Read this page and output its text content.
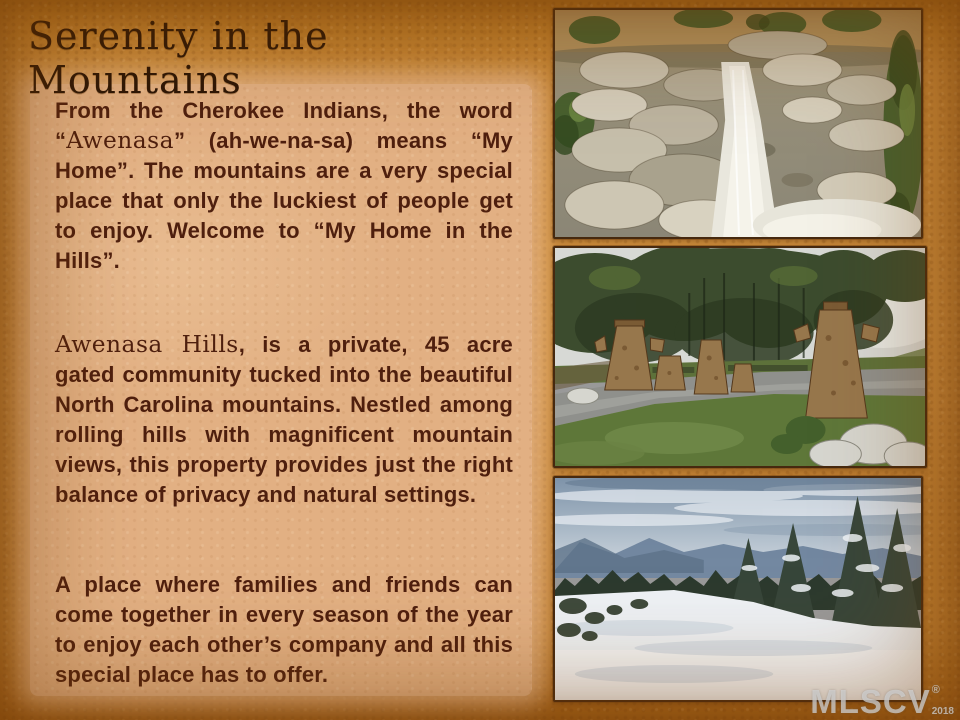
Serenity in the Mountains

From the Cherokee Indians, the word “Awenasa” (ah-we-na-sa) means “My Home”. The mountains are a very special place that only the luckiest of people get to enjoy. Welcome to “My Home in the Hills”.

Awenasa Hills, is a private, 45 acre gated community tucked into the beautiful North Carolina mountains. Nestled among rolling hills with magnificent mountain views, this property provides just the right balance of privacy and natural settings.

A place where families and friends can come together in every season of the year to enjoy each other’s company and all this special place has to offer.

MLSCV ®
2018
